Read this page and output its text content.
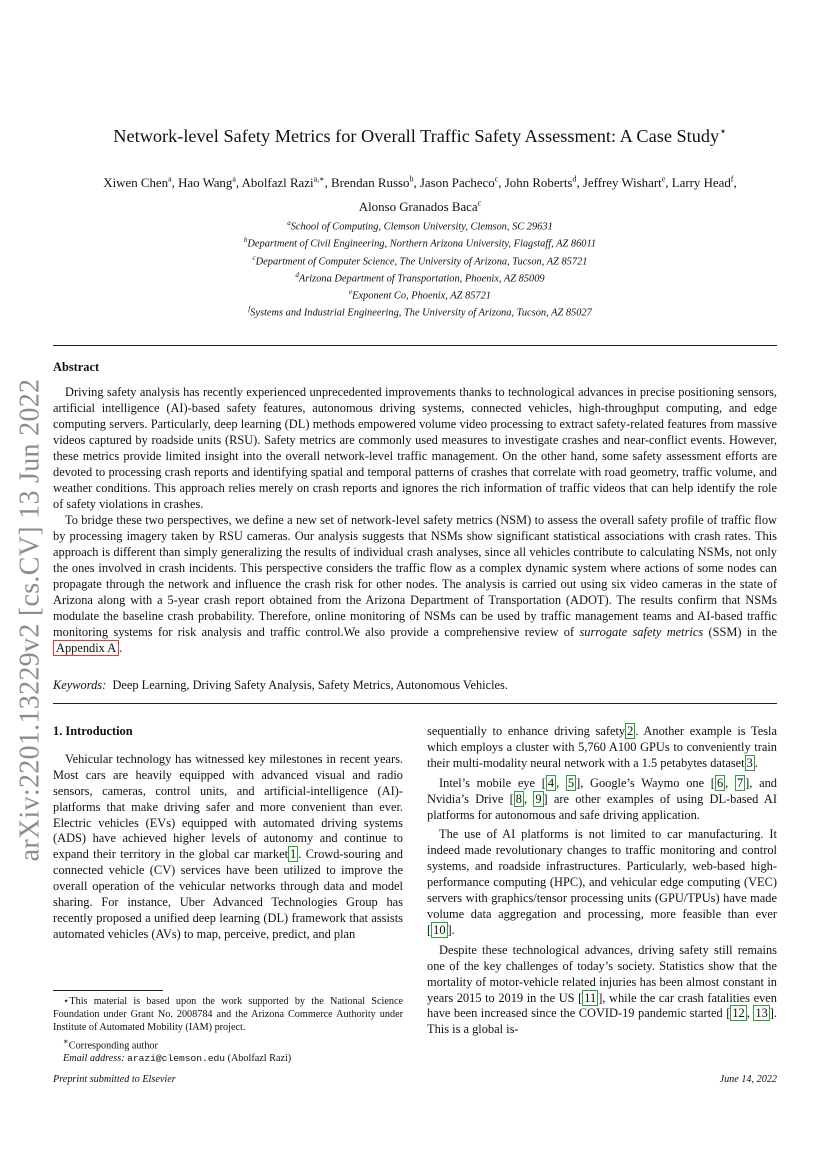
arXiv:2201.13229v2 [cs.CV] 13 Jun 2022
Network-level Safety Metrics for Overall Traffic Safety Assessment: A Case Study⋆
Xiwen Chen$^a$, Hao Wang$^a$, Abolfazl Razi$^{a,∗}$, Brendan Russo$^b$, Jason Pacheco$^c$, John Roberts$^d$, Jeffrey Wishart$^e$, Larry Head$^f$,
Alonso Granados Baca$^c$
$^a$School of Computing, Clemson University, Clemson, SC 29631
$^b$Department of Civil Engineering, Northern Arizona University, Flagstaff, AZ 86011
$^c$Department of Computer Science, The University of Arizona, Tucson, AZ 85721
$^d$Arizona Department of Transportation, Phoenix, AZ 85009
$^e$Exponent Co, Phoenix, AZ 85721
$^f$Systems and Industrial Engineering, The University of Arizona, Tucson, AZ 85027
Abstract

Driving safety analysis has recently experienced unprecedented improvements thanks to technological advances in precise positioning sensors, artificial intelligence (AI)-based safety features, autonomous driving systems, connected vehicles, high-throughput computing, and edge computing servers. Particularly, deep learning (DL) methods empowered volume video processing to extract safety-related features from massive videos captured by roadside units (RSU). Safety metrics are commonly used measures to investigate crashes and near-conflict events. However, these metrics provide limited insight into the overall network-level traffic management. On the other hand, some safety assessment efforts are devoted to processing crash reports and identifying spatial and temporal patterns of crashes that correlate with road geometry, traffic volume, and weather conditions. This approach relies merely on crash reports and ignores the rich information of traffic videos that can help identify the role of safety violations in crashes.

To bridge these two perspectives, we define a new set of network-level safety metrics (NSM) to assess the overall safety profile of traffic flow by processing imagery taken by RSU cameras. Our analysis suggests that NSMs show significant statistical associations with crash rates. This approach is different than simply generalizing the results of individual crash analyses, since all vehicles contribute to calculating NSMs, not only the ones involved in crash incidents. This perspective considers the traffic flow as a complex dynamic system where actions of some nodes can propagate through the network and influence the crash risk for other nodes. The analysis is carried out using six video cameras in the state of Arizona along with a 5-year crash report obtained from the Arizona Department of Transportation (ADOT). The results confirm that NSMs modulate the baseline crash probability. Therefore, online monitoring of NSMs can be used by traffic management teams and AI-based traffic monitoring systems for risk analysis and traffic control.We also provide a comprehensive review of surrogate safety metrics (SSM) in the Appendix A .

Keywords: Deep Learning, Driving Safety Analysis, Safety Metrics, Autonomous Vehicles.
1. Introduction

Vehicular technology has witnessed key milestones in recent years. Most cars are heavily equipped with advanced visual and radio sensors, cameras, control units, and artificial-intelligence (AI)-platforms that make driving safer and more convenient than ever. Electric vehicles (EVs) equipped with automated driving systems (ADS) have achieved higher levels of autonomy and continue to expand their territory in the global car market 1 . Crowd-souring and connected vehicle (CV) services have been utilized to improve the overall operation of the vehicular networks through data and model sharing. For instance, Uber Advanced Technologies Group has recently proposed a unified deep learning (DL) framework that assists automated vehicles (AVs) to map, perceive, predict, and plan

sequentially to enhance driving safety 2 . Another example is Tesla which employs a cluster with 5,760 A100 GPUs to conveniently train their multi-modality neural network with a 1.5 petabytes dataset 3 .

Intel’s mobile eye [ 4 , 5 ], Google’s Waymo one [ 6 , 7 ], and Nvidia’s Drive [ 8 , 9 ] are other examples of using DL-based AI platforms for autonomous and safe driving application.

The use of AI platforms is not limited to car manufacturing. It indeed made revolutionary changes to traffic monitoring and control systems, and roadside infrastructures. Particularly, web-based high-performance computing (HPC), and vehicular edge computing (VEC) servers with graphics/tensor processing units (GPU/TPUs) have made volume data aggregation and processing, more feasible than ever [ 10 ].

Despite these technological advances, driving safety still remains one of the key challenges of today’s society. Statistics show that the mortality of motor-vehicle related injuries has been almost constant in years 2015 to 2019 in the US [ 11 ], while the car crash fatalities even have been increased since the COVID-19 pandemic started [ 12 , 13 ]. This is a global is-

⋆This material is based upon the work supported by the National Science Foundation under Grant No. 2008784 and the Arizona Commerce Authority under Institute of Automated Mobility (IAM) project.

∗Corresponding author

Email address: arazi@clemson.edu (Abolfazl Razi)

Preprint submitted to Elsevier	June 14, 2022
